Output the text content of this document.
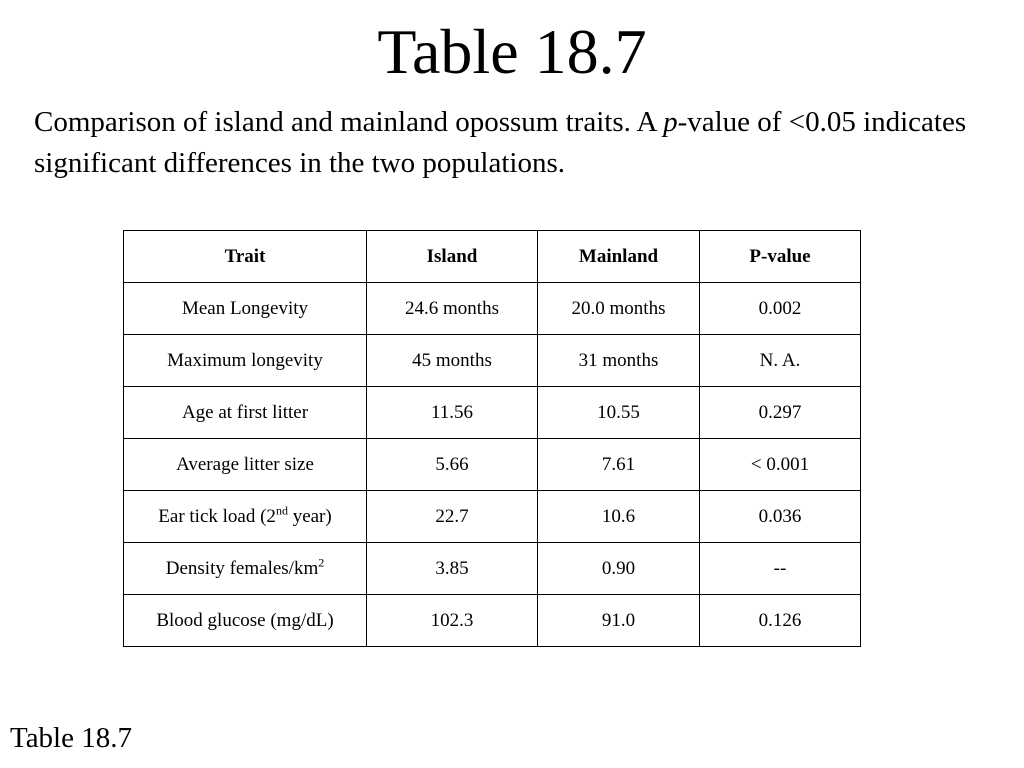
Table 18.7
Comparison of island and mainland opossum traits. A p-value of <0.05 indicates significant differences in the two populations.
Trait	Island	Mainland	P-value
Mean Longevity	24.6 months	20.0 months	0.002
Maximum longevity	45 months	31 months	N. A.
Age at first litter	11.56	10.55	0.297
Average litter size	5.66	7.61	< 0.001
Ear tick load (2nd year)	22.7	10.6	0.036
Density females/$km^2$	3.85	0.90	--
Blood glucose (mg/dL)	102.3	91.0	0.126
Table 18.7
